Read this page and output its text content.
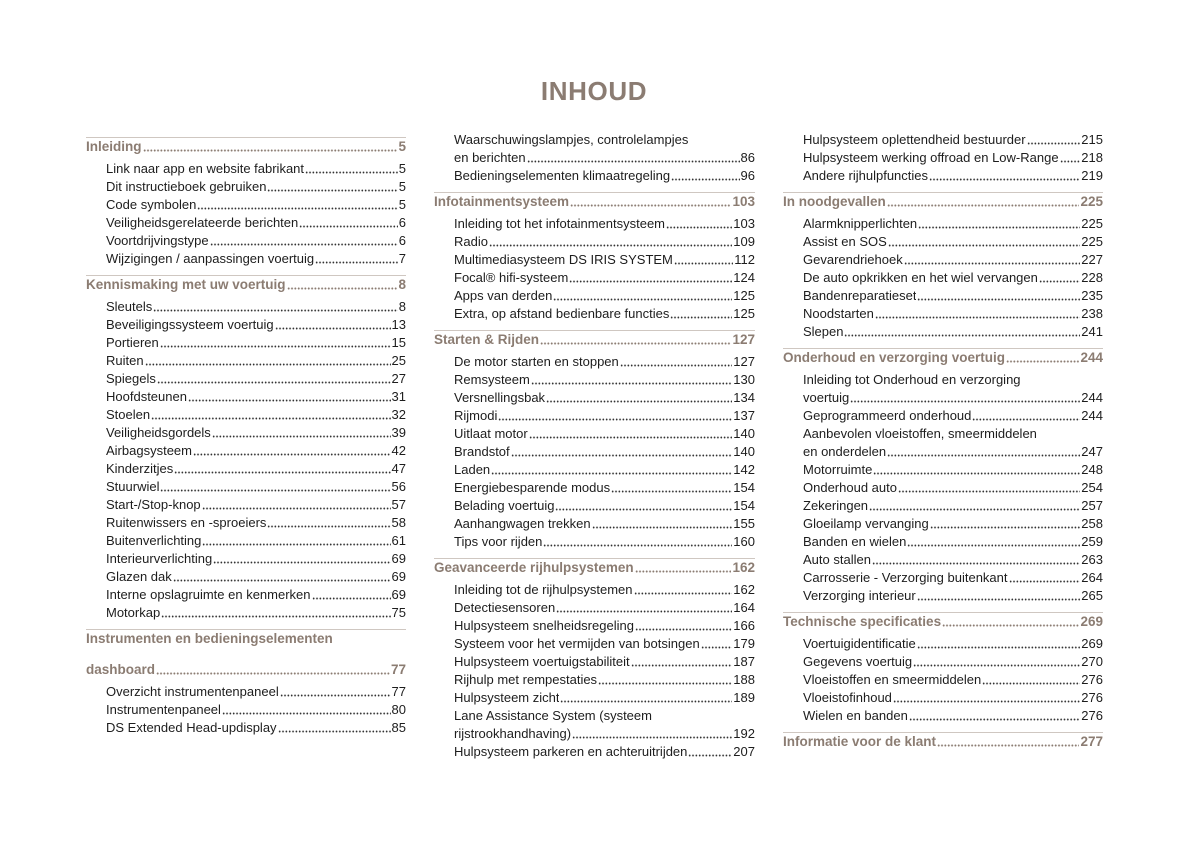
INHOUD
Inleiding	5
Link naar app en website fabrikant	5
Dit instructieboek gebruiken	5
Code symbolen	5
Veiligheidsgerelateerde berichten	6
Voortdrijvingstype	6
Wijzigingen / aanpassingen voertuig	7
Kennismaking met uw voertuig	8
Sleutels	8
Beveiligingssysteem voertuig	13
Portieren	15
Ruiten	25
Spiegels	27
Hoofdsteunen	31
Stoelen	32
Veiligheidsgordels	39
Airbagsysteem	42
Kinderzitjes	47
Stuurwiel	56
Start-/Stop-knop	57
Ruitenwissers en -sproeiers	58
Buitenverlichting	61
Interieurverlichting	69
Glazen dak	69
Interne opslagruimte en kenmerken	69
Motorkap	75
Instrumenten en bedieningselementen
dashboard	77
Overzicht instrumentenpaneel	77
Instrumentenpaneel	80
DS Extended Head-updisplay	85
Waarschuwingslampjes, controlelampjes
en berichten	86
Bedieningselementen klimaatregeling	96
Infotainmentsysteem	103
Inleiding tot het infotainmentsysteem	103
Radio	109
Multimediasysteem DS IRIS SYSTEM	112
Focal® hifi-systeem	124
Apps van derden	125
Extra, op afstand bedienbare functies	125
Starten & Rijden	127
De motor starten en stoppen	127
Remsysteem	130
Versnellingsbak	134
Rijmodi	137
Uitlaat motor	140
Brandstof	140
Laden	142
Energiebesparende modus	154
Belading voertuig	154
Aanhangwagen trekken	155
Tips voor rijden	160
Geavanceerde rijhulpsystemen	162
Inleiding tot de rijhulpsystemen	162
Detectiesensoren	164
Hulpsysteem snelheidsregeling	166
Systeem voor het vermijden van botsingen	179
Hulpsysteem voertuigstabiliteit	187
Rijhulp met rempestaties	188
Hulpsysteem zicht	189
Lane Assistance System (systeem
rijstrookhandhaving)	192
Hulpsysteem parkeren en achteruitrijden	207
Hulpsysteem oplettendheid bestuurder	215
Hulpsysteem werking offroad en Low-Range 218
Andere rijhulpfuncties	219
In noodgevallen	225
Alarmknipperlichten	225
Assist en SOS	225
Gevarendriehoek	227
De auto opkrikken en het wiel vervangen	228
Bandenreparatieset	235
Noodstarten	238
Slepen	241
Onderhoud en verzorging voertuig	244
Inleiding tot Onderhoud en verzorging
voertuig	244
Geprogrammeerd onderhoud	244
Aanbevolen vloeistoffen, smeermiddelen
en onderdelen	247
Motorruimte	248
Onderhoud auto	254
Zekeringen	257
Gloeilamp vervanging	258
Banden en wielen	259
Auto stallen	263
Carrosserie - Verzorging buitenkant	264
Verzorging interieur	265
Technische specificaties	269
Voertuigidentificatie	269
Gegevens voertuig	270
Vloeistoffen en smeermiddelen	276
Vloeistofinhoud	276
Wielen en banden	276
Informatie voor de klant	277
